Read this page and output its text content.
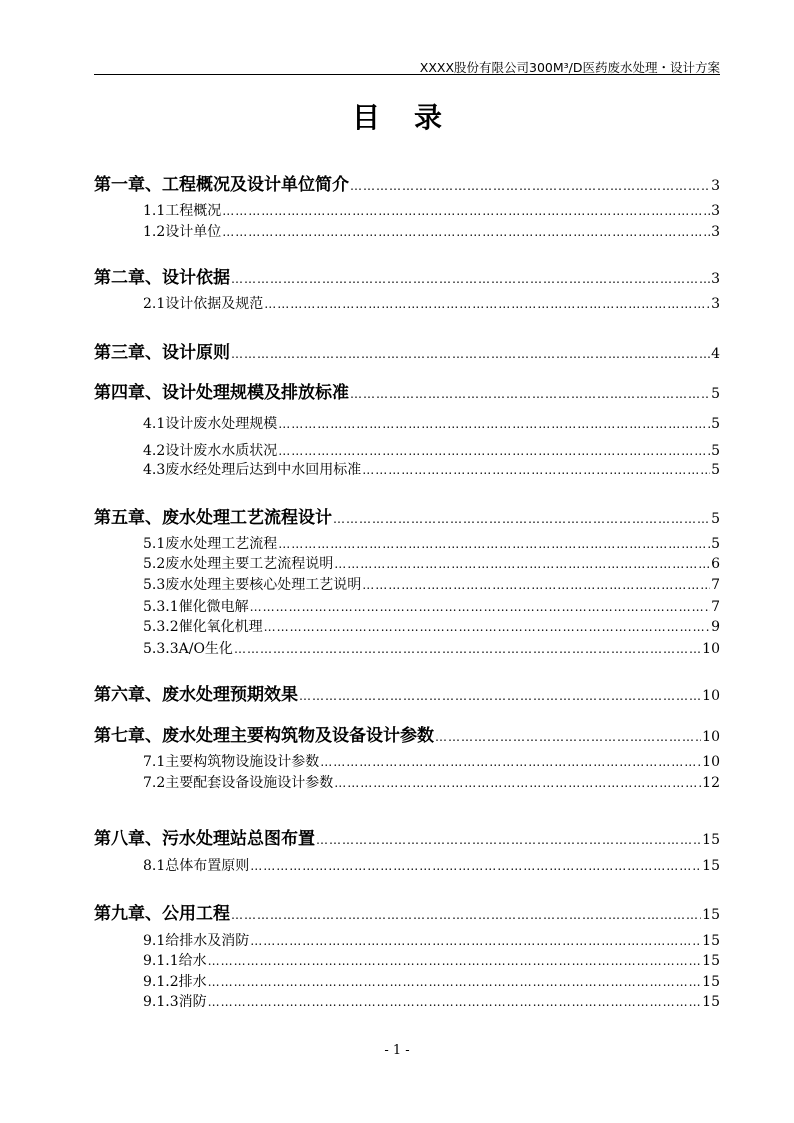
XXXX股份有限公司300M³/D医药废水处理・设计方案
目录
第一章、工程概况及设计单位简介 ……………………………………………………………………………………………………………………………………………………………………………………………………………………………………	3
1.1 工程概况 ……………………………………………………………………………………………………………………………………………………………………………………………………………………………………	3
1.2 设计单位 ……………………………………………………………………………………………………………………………………………………………………………………………………………………………………	3
第二章、设计依据 ……………………………………………………………………………………………………………………………………………………………………………………………………………………………………	3
2.1 设计依据及规范 ……………………………………………………………………………………………………………………………………………………………………………………………………………………………………	3
第三章、设计原则 ……………………………………………………………………………………………………………………………………………………………………………………………………………………………………	4
第四章、设计处理规模及排放标准 ……………………………………………………………………………………………………………………………………………………………………………………………………………………………………	5
4.1 设计废水处理规模 ……………………………………………………………………………………………………………………………………………………………………………………………………………………………………	5
4.2 设计废水水质状况 ……………………………………………………………………………………………………………………………………………………………………………………………………………………………………	5
4.3 废水经处理后达到中水回用标准 ……………………………………………………………………………………………………………………………………………………………………………………………………………………………………	5
第五章、废水处理工艺流程设计 ……………………………………………………………………………………………………………………………………………………………………………………………………………………………………	5
5.1 废水处理工艺流程 ……………………………………………………………………………………………………………………………………………………………………………………………………………………………………	5
5.2 废水处理主要工艺流程说明 ……………………………………………………………………………………………………………………………………………………………………………………………………………………………………	6
5.3 废水处理主要核心处理工艺说明 ……………………………………………………………………………………………………………………………………………………………………………………………………………………………………	7
5.3.1 催化微电解 ……………………………………………………………………………………………………………………………………………………………………………………………………………………………………	7
5.3.2 催化氧化机理 ……………………………………………………………………………………………………………………………………………………………………………………………………………………………………	9
5.3.3 A/O生化 ……………………………………………………………………………………………………………………………………………………………………………………………………………………………………	10
第六章、废水处理预期效果 ……………………………………………………………………………………………………………………………………………………………………………………………………………………………………	10
第七章、废水处理主要构筑物及设备设计参数 ……………………………………………………………………………………………………………………………………………………………………………………………………………………………………	10
7.1 主要构筑物设施设计参数 ……………………………………………………………………………………………………………………………………………………………………………………………………………………………………	10
7.2 主要配套设备设施设计参数 ……………………………………………………………………………………………………………………………………………………………………………………………………………………………………	12
第八章、污水处理站总图布置 ……………………………………………………………………………………………………………………………………………………………………………………………………………………………………	15
8.1 总体布置原则 ……………………………………………………………………………………………………………………………………………………………………………………………………………………………………	15
第九章、公用工程 ……………………………………………………………………………………………………………………………………………………………………………………………………………………………………	15
9.1 给排水及消防 ……………………………………………………………………………………………………………………………………………………………………………………………………………………………………	15
9.1.1 给水 ……………………………………………………………………………………………………………………………………………………………………………………………………………………………………	15
9.1.2 排水 ……………………………………………………………………………………………………………………………………………………………………………………………………………………………………	15
9.1.3 消防 ……………………………………………………………………………………………………………………………………………………………………………………………………………………………………	15
- 1 -
